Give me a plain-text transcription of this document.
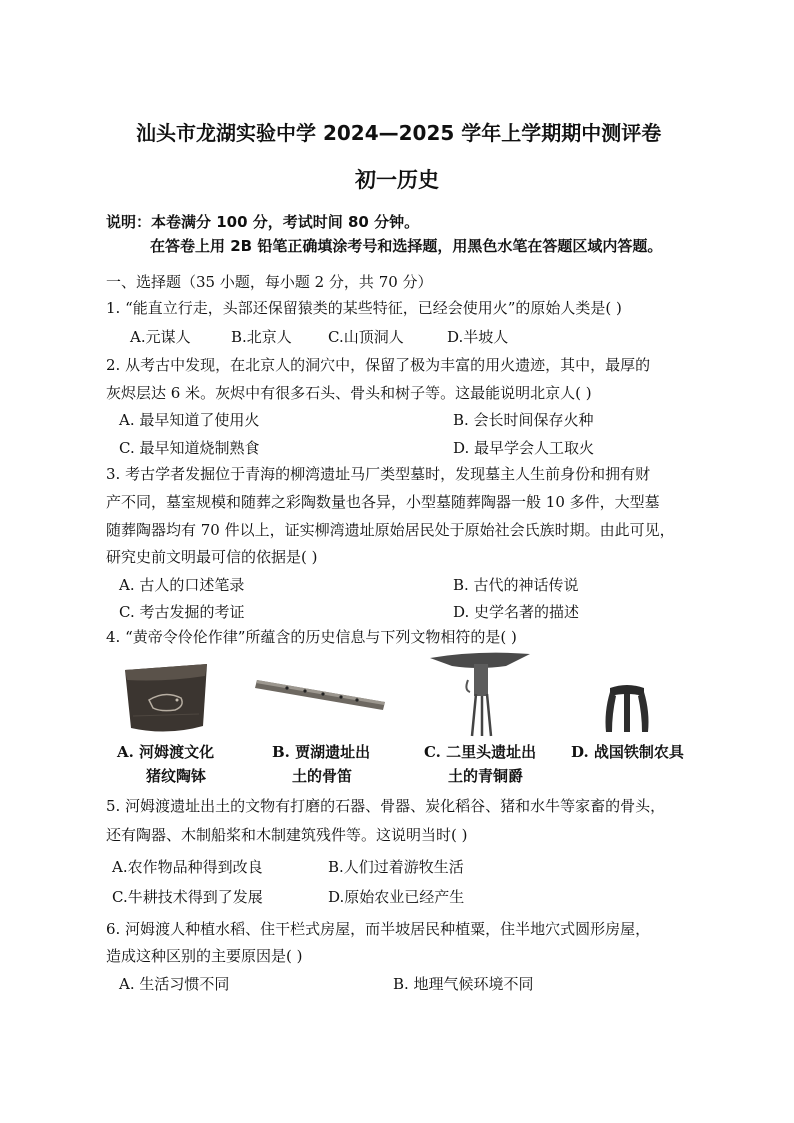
汕头市龙湖实验中学 2024—2025 学年上学期期中测评卷
初一历史
说明：本卷满分 100 分，考试时间 80 分钟。
在答卷上用 2B 铅笔正确填涂考号和选择题，用黑色水笔在答题区域内答题。
一、选择题（35 小题，每小题 2 分，共 70 分）
1. “能直立行走，头部还保留猿类的某些特征，已经会使用火”的原始人类是( )
A.元谋人	B.北京人 C.山顶洞人	D.半坡人
2. 从考古中发现，在北京人的洞穴中，保留了极为丰富的用火遗迹，其中，最厚的
灰烬层达 6 米。灰烬中有很多石头、骨头和树子等。这最能说明北京人( )
A. 最早知道了使用火	B. 会长时间保存火种
C. 最早知道烧制熟食	D. 最早学会人工取火
3. 考古学者发掘位于青海的柳湾遗址马厂类型墓时，发现墓主人生前身份和拥有财
产不同，墓室规模和随葬之彩陶数量也各异，小型墓随葬陶器一般 10 多件，大型墓
随葬陶器均有 70 件以上，证实柳湾遗址原始居民处于原始社会氏族时期。由此可见，
研究史前文明最可信的依据是( )
A. 古人的口述笔录	B. 古代的神话传说
C. 考古发掘的考证	D. 史学名著的描述
4. “黄帝令伶伦作律”所蕴含的历史信息与下列文物相符的是( )
A. 河姆渡文化
猪纹陶钵
B. 贾湖遗址出
土的骨笛
C. 二里头遗址出
土的青铜爵
D. 战国铁制农具
5. 河姆渡遗址出土的文物有打磨的石器、骨器、炭化稻谷、猪和水牛等家畜的骨头，
还有陶器、木制船桨和木制建筑残件等。这说明当时( )
A.农作物品种得到改良	B.人们过着游牧生活
C.牛耕技术得到了发展	D.原始农业已经产生
6. 河姆渡人种植水稻、住干栏式房屋，而半坡居民种植粟，住半地穴式圆形房屋，
造成这种区别的主要原因是( )
A. 生活习惯不同	B. 地理气候环境不同
